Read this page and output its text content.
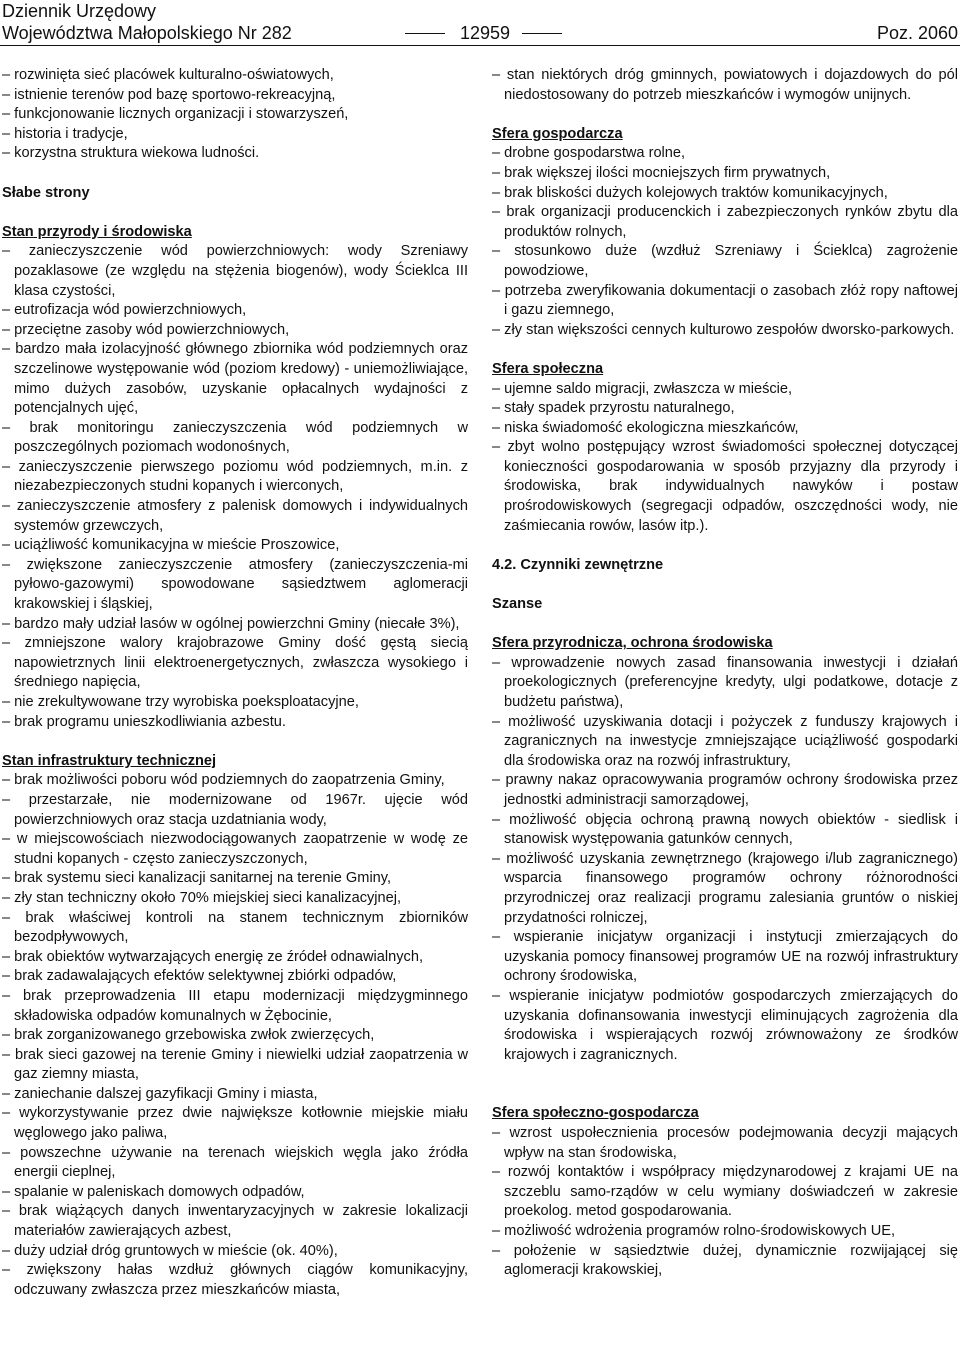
Dziennik Urzędowy
Województwa Małopolskiego Nr 282	12959	Poz. 2060

– rozwinięta sieć placówek kulturalno-oświatowych,

– istnienie terenów pod bazę sportowo-rekreacyjną,

– funkcjonowanie licznych organizacji i stowarzyszeń,

– historia i tradycje,

– korzystna struktura wiekowa ludności.

Słabe strony

Stan przyrody i środowiska

– zanieczyszczenie wód powierzchniowych: wody Szreniawy pozaklasowe (ze względu na stężenia biogenów), wody Ścieklca III klasa czystości,

– eutrofizacja wód powierzchniowych,

– przeciętne zasoby wód powierzchniowych,

– bardzo mała izolacyjność głównego zbiornika wód podziemnych oraz szczelinowe występowanie wód (poziom kredowy) - uniemożliwiające, mimo dużych zasobów, uzyskanie opłacalnych wydajności z potencjalnych ujęć,

– brak monitoringu zanieczyszczenia wód podziemnych w poszczególnych poziomach wodonośnych,

– zanieczyszczenie pierwszego poziomu wód podziemnych, m.in. z niezabezpieczonych studni kopanych i wierconych,

– zanieczyszczenie atmosfery z palenisk domowych i indywidualnych systemów grzewczych,

– uciążliwość komunikacyjna w mieście Proszowice,

– zwiększone zanieczyszczenie atmosfery (zanieczyszczenia-mi pyłowo-gazowymi) spowodowane sąsiedztwem aglomeracji krakowskiej i śląskiej,

– bardzo mały udział lasów w ogólnej powierzchni Gminy (niecałe 3%),

– zmniejszone walory krajobrazowe Gminy dość gęstą siecią napowietrznych linii elektroenergetycznych, zwłaszcza wysokiego i średniego napięcia,

– nie zrekultywowane trzy wyrobiska poeksploatacyjne,

– brak programu unieszkodliwiania azbestu.

Stan infrastruktury technicznej

– brak możliwości poboru wód podziemnych do zaopatrzenia Gminy,

– przestarzałe, nie modernizowane od 1967r. ujęcie wód powierzchniowych oraz stacja uzdatniania wody,

– w miejscowościach niezwodociągowanych zaopatrzenie w wodę ze studni kopanych - często zanieczyszczonych,

– brak systemu sieci kanalizacji sanitarnej na terenie Gminy,

– zły stan techniczny około 70% miejskiej sieci kanalizacyjnej,

– brak właściwej kontroli na stanem technicznym zbiorników bezodpływowych,

– brak obiektów wytwarzających energię ze źródeł odnawialnych,

– brak zadawalających efektów selektywnej zbiórki odpadów,

– brak przeprowadzenia III etapu modernizacji międzygminnego składowiska odpadów komunalnych w Żębocinie,

– brak zorganizowanego grzebowiska zwłok zwierzęcych,

– brak sieci gazowej na terenie Gminy i niewielki udział zaopatrzenia w gaz ziemny miasta,

– zaniechanie dalszej gazyfikacji Gminy i miasta,

– wykorzystywanie przez dwie największe kotłownie miejskie miału węglowego jako paliwa,

– powszechne używanie na terenach wiejskich węgla jako źródła energii cieplnej,

– spalanie w paleniskach domowych odpadów,

– brak wiążących danych inwentaryzacyjnych w zakresie lokalizacji materiałów zawierających azbest,

– duży udział dróg gruntowych w mieście (ok. 40%),

– zwiększony hałas wzdłuż głównych ciągów komunikacyjny, odczuwany zwłaszcza przez mieszkańców miasta,

– stan niektórych dróg gminnych, powiatowych i dojazdowych do pól niedostosowany do potrzeb mieszkańców i wymogów unijnych.

Sfera gospodarcza

– drobne gospodarstwa rolne,

– brak większej ilości mocniejszych firm prywatnych,

– brak bliskości dużych kolejowych traktów komunikacyjnych,

– brak organizacji producenckich i zabezpieczonych rynków zbytu dla produktów rolnych,

– stosunkowo duże (wzdłuż Szreniawy i Ścieklca) zagrożenie powodziowe,

– potrzeba zweryfikowania dokumentacji o zasobach złóż ropy naftowej i gazu ziemnego,

– zły stan większości cennych kulturowo zespołów dworsko-parkowych.

Sfera społeczna

– ujemne saldo migracji, zwłaszcza w mieście,

– stały spadek przyrostu naturalnego,

– niska świadomość ekologiczna mieszkańców,

– zbyt wolno postępujący wzrost świadomości społecznej dotyczącej konieczności gospodarowania w sposób przyjazny dla przyrody i środowiska, brak indywidualnych nawyków i postaw prośrodowiskowych (segregacji odpadów, oszczędności wody, nie zaśmiecania rowów, lasów itp.).

4.2. Czynniki zewnętrzne

Szanse

Sfera przyrodnicza, ochrona środowiska

– wprowadzenie nowych zasad finansowania inwestycji i działań proekologicznych (preferencyjne kredyty, ulgi podatkowe, dotacje z budżetu państwa),

– możliwość uzyskiwania dotacji i pożyczek z funduszy krajowych i zagranicznych na inwestycje zmniejszające uciążliwość gospodarki dla środowiska oraz na rozwój infrastruktury,

– prawny nakaz opracowywania programów ochrony środowiska przez jednostki administracji samorządowej,

– możliwość objęcia ochroną prawną nowych obiektów - siedlisk i stanowisk występowania gatunków cennych,

– możliwość uzyskania zewnętrznego (krajowego i/lub zagranicznego) wsparcia finansowego programów ochrony różnorodności przyrodniczej oraz realizacji programu zalesiania gruntów o niskiej przydatności rolniczej,

– wspieranie inicjatyw organizacji i instytucji zmierzających do uzyskania pomocy finansowej programów UE na rozwój infrastruktury ochrony środowiska,

– wspieranie inicjatyw podmiotów gospodarczych zmierzających do uzyskania dofinansowania inwestycji eliminujących zagrożenia dla środowiska i wspierających rozwój zrównoważony ze środków krajowych i zagranicznych.

Sfera społeczno-gospodarcza

– wzrost uspołecznienia procesów podejmowania decyzji mających wpływ na stan środowiska,

– rozwój kontaktów i współpracy międzynarodowej z krajami UE na szczeblu samo-rządów w celu wymiany doświadczeń w zakresie proekolog. metod gospodarowania.

– możliwość wdrożenia programów rolno-środowiskowych UE,

– położenie w sąsiedztwie dużej, dynamicznie rozwijającej się aglomeracji krakowskiej,
